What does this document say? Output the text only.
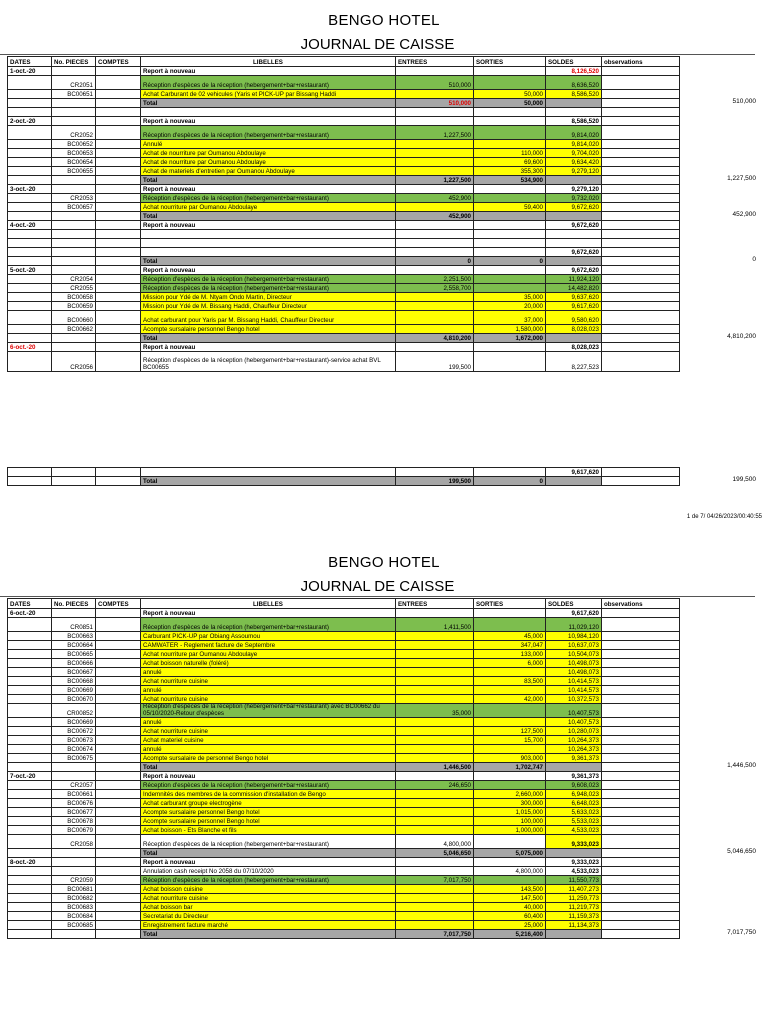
BENGO HOTEL
JOURNAL DE CAISSE
DATES	No. PIECES	COMPTES	LIBELLES	ENTREES	SORTIES	SOLDES	observations
1-oct.-20			Report à nouveau			8,126,520	
	CR2051		Réception d'espèces de la réception (hebergement+bar+restaurant)	510,000		8,636,520	
	BC00651		Achat Carburant de 02 vehicules (Yaris et PICK-UP par Bissang Haddi		50,000	8,586,520	
			Total	510,000	50,000		

2-oct.-20			Report à nouveau			8,586,520	
	CR2052		Réception d'espèces de la réception (hebergement+bar+restaurant)	1,227,500		9,814,020	
	BC00652		Annulé			9,814,020	
	BC00653		Achat de nourriture par Oumanou Abdoulaye		110,000	9,704,020	
	BC00654		Achat de nourriture par Oumanou Abdoulaye		69,600	9,634,420	
	BC00655		Achat de materiels d'entretien par Oumanou Abdoulaye		355,300	9,279,120	
			Total	1,227,500	534,900		
3-oct.-20			Report à nouveau			9,279,120	
	CR2053		Réception d'espèces de la réception (hebergement+bar+restaurant)	452,900		9,732,020	
	BC00657		Achat nourriture par Oumanou Abdoulaye		59,400	9,672,620	
			Total	452,900			
4-oct.-20			Report à nouveau			9,672,620	

						9,672,620	
			Total	0	0		
5-oct.-20			Report à nouveau			9,672,620	
	CR2054		Réception d'espèces de la réception (hebergement+bar+restaurant)	2,251,500		11,924,120	
	CR2055		Réception d'espèces de la réception (hebergement+bar+restaurant)	2,558,700		14,482,820	
	BC00658		Mission pour Ydé de M. Ntyam Ondo Martin, Directeur		35,000	9,637,620	
	BC00659		Mission pour Ydé de M. Bissang Haddi, Chauffeur Directeur		20,000	9,617,620	
	BC00660		Achat carburant pour Yaris par M. Bissang Haddi, Chauffeur Directeur		37,000	9,580,620	
	BC00662		Acompte sursalaire personnel Bengo hotel		1,580,000	8,028,023	
			Total	4,810,200	1,672,000		
6-oct.-20			Report à nouveau			8,028,023	
	CR2056		Réception d'espèces de la réception (hebergement+bar+restaurant)-service achat BVL BC00655	199,500		8,227,523	
						9,617,620	
			Total	199,500	0		
1 de 7/ 04/26/2023/00:40:55
BENGO HOTEL
JOURNAL DE CAISSE
DATES	No. PIECES	COMPTES	LIBELLES	ENTREES	SORTIES	SOLDES	observations
6-oct.-20			Report à nouveau			9,617,620	
	CR0851		Réception d'espèces de la réception (hebergement+bar+restaurant)	1,411,500		11,029,120	
	BC00663		Carburant PICK-UP par Obiang Assoumou		45,000	10,984,120	
	BC00664		CAMWATER - Reglement facture de Septembre		347,047	10,637,073	
	BC00665		Achat nourriture par Oumanou Abdoulaye		133,000	10,504,073	
	BC00666		Achat boisson naturelle (foléré)		6,000	10,498,073	
	BC00667		annulé			10,498,073	
	BC00668		Achat nourriture cuisine		83,500	10,414,573	
	BC00669		annulé			10,414,573	
	BC00670		Achat nourriture cuisine		42,000	10,372,573	
	CR00852		Réception d'espèces de la réception (hebergement+bar+restaurant) avec BC00662 du 05/10/2020-Retour d'espèces	35,000		10,407,573	
	BC00669		annulé			10,407,573	
	BC00672		Achat nourriture cuisine		127,500	10,280,073	
	BC00673		Achat materiel cuisine		15,700	10,264,373	
	BC00674		annulé			10,264,373	
	BC00675		Acompte sursalaire de personnel Bengo hotel		903,000	9,361,373	
			Total	1,446,500	1,702,747		
7-oct.-20			Report à nouveau			9,361,373	
	CR2057		Réception d'espèces de la réception (hebergement+bar+restaurant)	246,650		9,608,023	
	BC00661		Indemnités des membres de la commission d'installation de Bengo		2,660,000	6,948,023	
	BC00676		Achat carburant groupe electrogène		300,000	6,648,023	
	BC00677		Acompte sursalaire personnel Bengo hotel		1,015,000	5,633,023	
	BC00678		Acompte sursalaire personnel Bengo hotel		100,000	5,533,023	
	BC00679		Achat boisson - Ets Blanche et fils		1,000,000	4,533,023	
	CR2058		Réception d'espèces de la réception (hebergement+bar+restaurant)	4,800,000		9,333,023	
			Total	5,046,650	5,075,000		
8-oct.-20			Report à nouveau			9,333,023	
			Annulation cash receipt No 2058 du 07/10/2020		4,800,000	4,533,023	
	CR2059		Réception d'espèces de la réception (hebergement+bar+restaurant)	7,017,750		11,550,773	
	BC00681		Achat boisson cuisine		143,500	11,407,273	
	BC00682		Achat nourriture cuisine		147,500	11,259,773	
	BC00683		Achat boisson bar		40,000	11,219,773	
	BC00684		Secretariat du Directeur		60,400	11,159,373	
	BC00685		Enregistrement facture marché		25,000	11,134,373	
			Total	7,017,750	5,216,400		
510,000
1,227,500
452,900
0
4,810,200
199,500
1,446,500
5,046,650
7,017,750
